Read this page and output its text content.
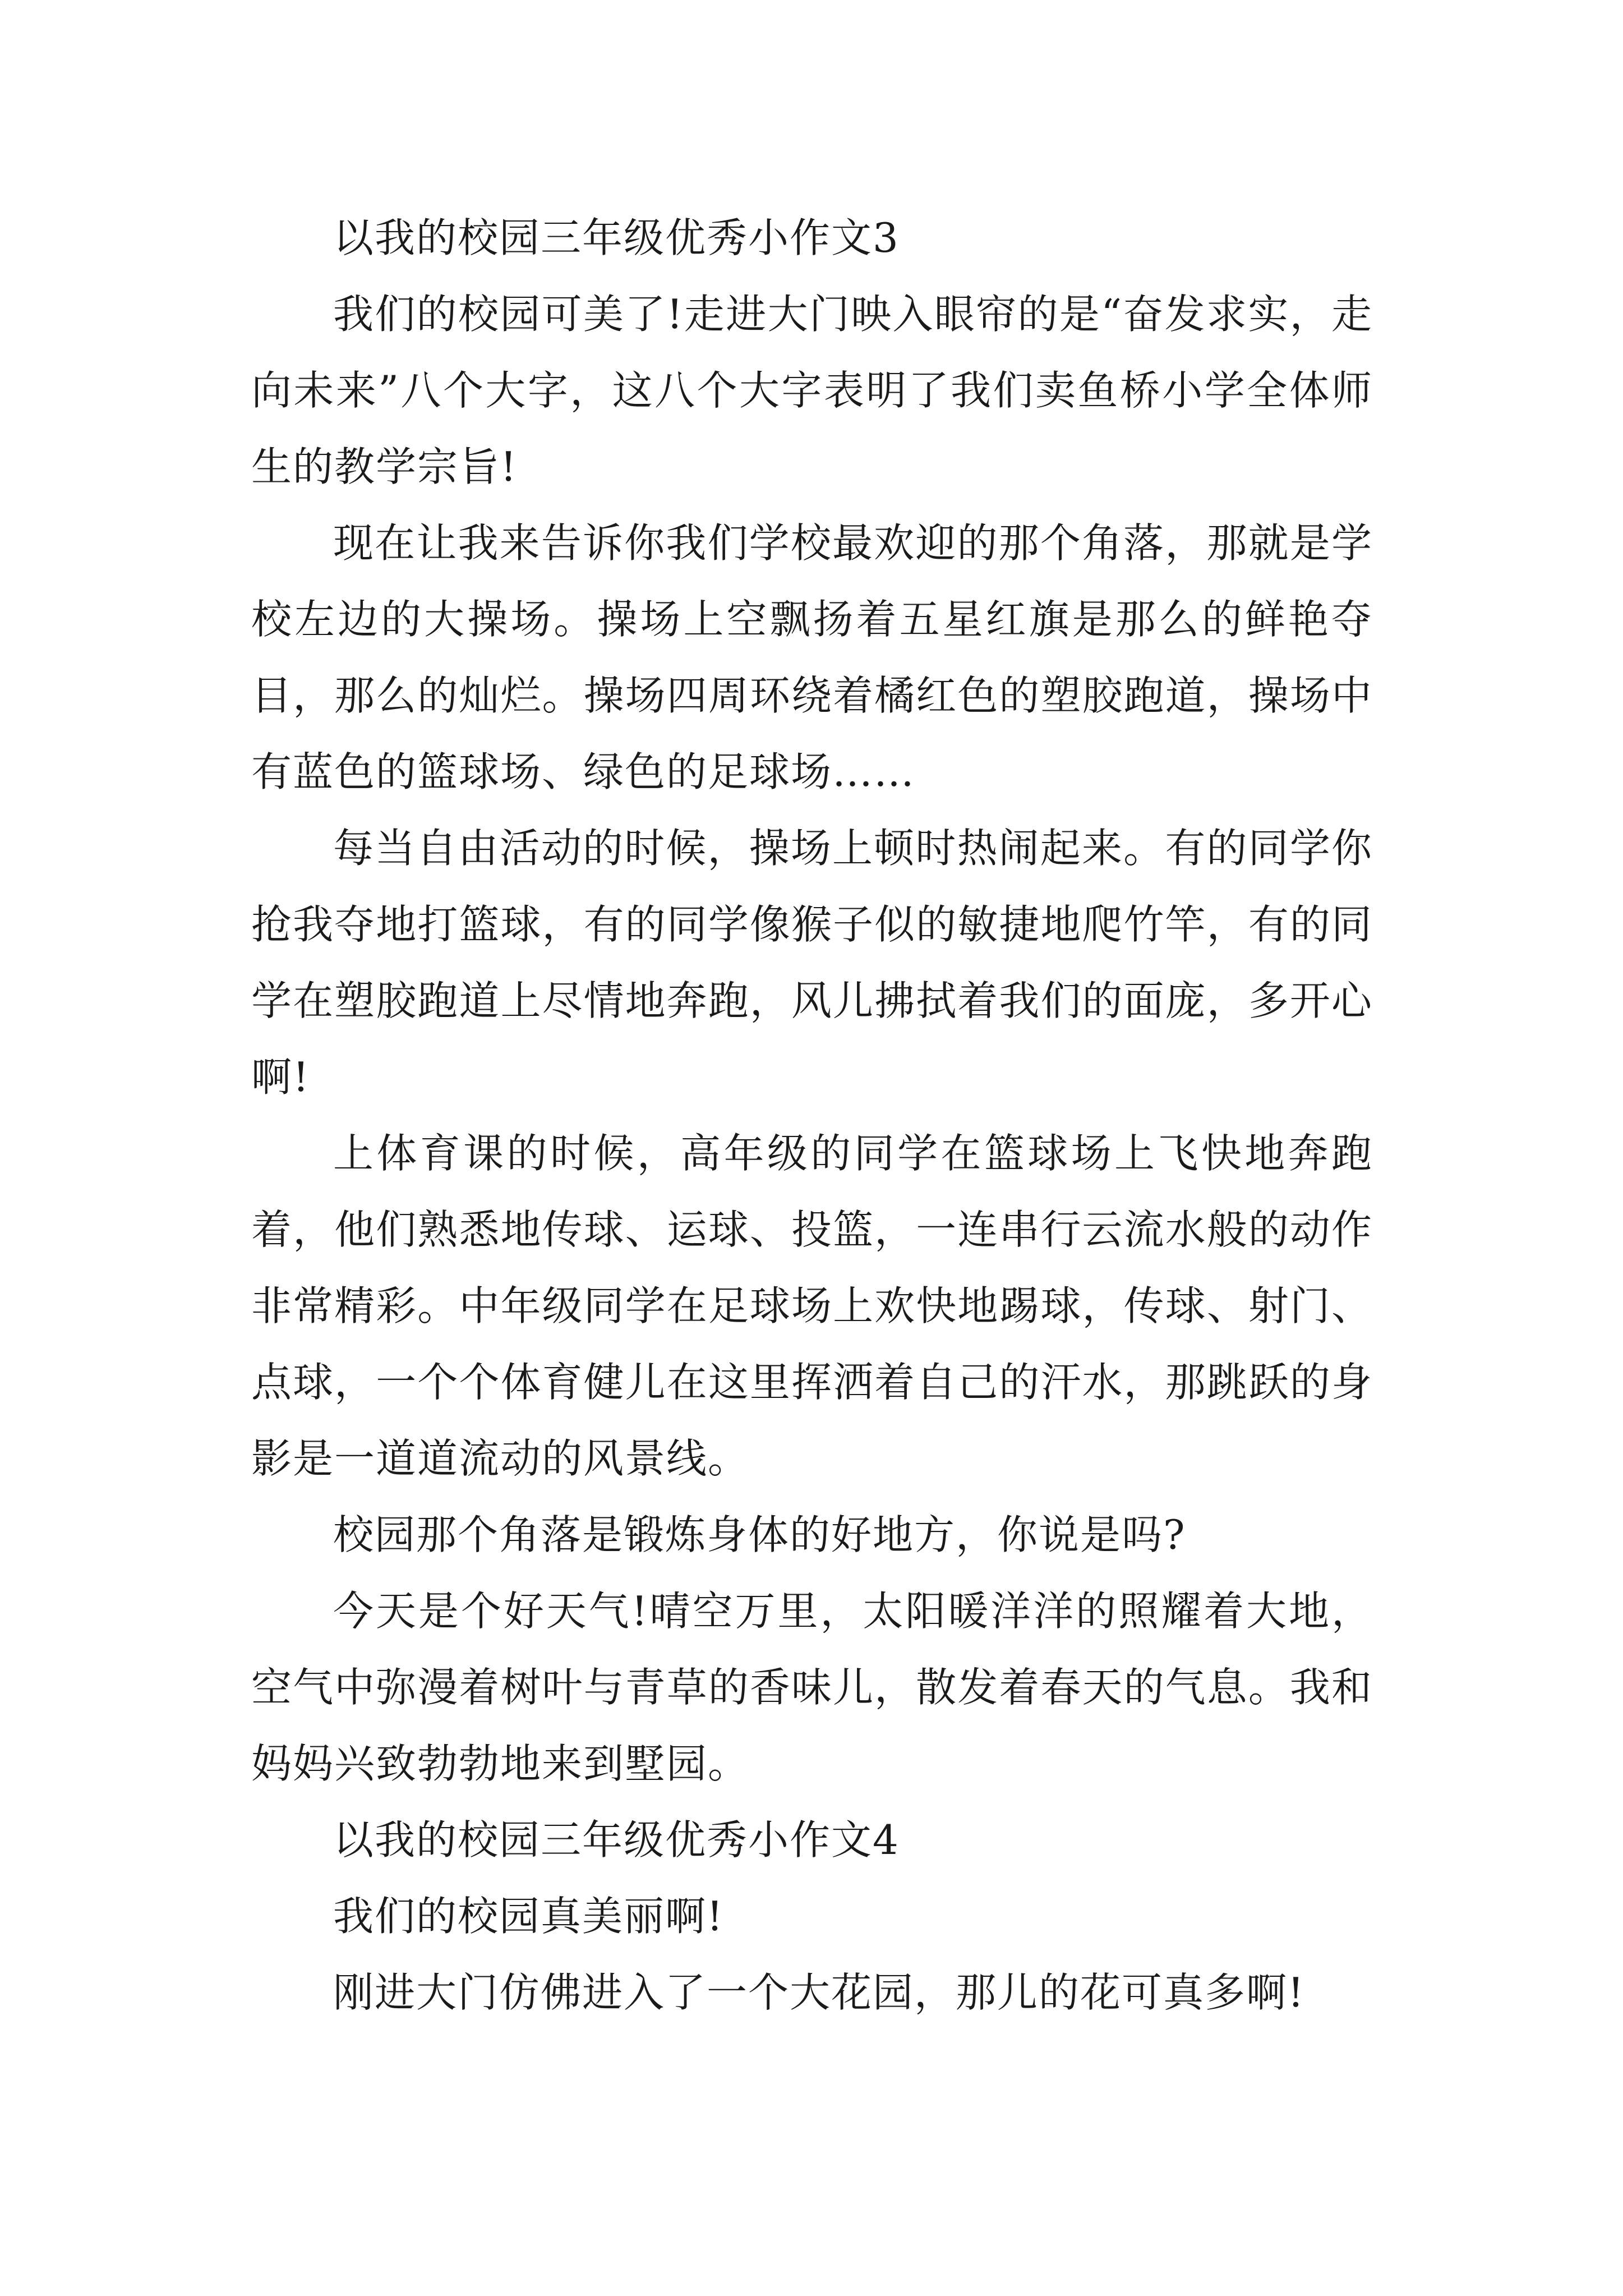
以我的校园三年级优秀小作文3

我们的校园可美了!走进大门映入眼帘的是“奋发求实，走向未来”八个大字，这八个大字表明了我们卖鱼桥小学全体师生的教学宗旨!

现在让我来告诉你我们学校最欢迎的那个角落，那就是学校左边的大操场。操场上空飘扬着五星红旗是那么的鲜艳夺目，那么的灿烂。操场四周环绕着橘红色的塑胶跑道，操场中有蓝色的篮球场、绿色的足球场……

每当自由活动的时候，操场上顿时热闹起来。有的同学你抢我夺地打篮球，有的同学像猴子似的敏捷地爬竹竿，有的同学在塑胶跑道上尽情地奔跑，风儿拂拭着我们的面庞，多开心啊!

上体育课的时候，高年级的同学在篮球场上飞快地奔跑着，他们熟悉地传球、运球、投篮，一连串行云流水般的动作非常精彩。中年级同学在足球场上欢快地踢球，传球、射门、点球，一个个体育健儿在这里挥洒着自己的汗水，那跳跃的身影是一道道流动的风景线。

校园那个角落是锻炼身体的好地方，你说是吗?

今天是个好天气!晴空万里，太阳暖洋洋的照耀着大地，空气中弥漫着树叶与青草的香味儿，散发着春天的气息。我和妈妈兴致勃勃地来到墅园。

以我的校园三年级优秀小作文4

我们的校园真美丽啊!

刚进大门仿佛进入了一个大花园，那儿的花可真多啊!
